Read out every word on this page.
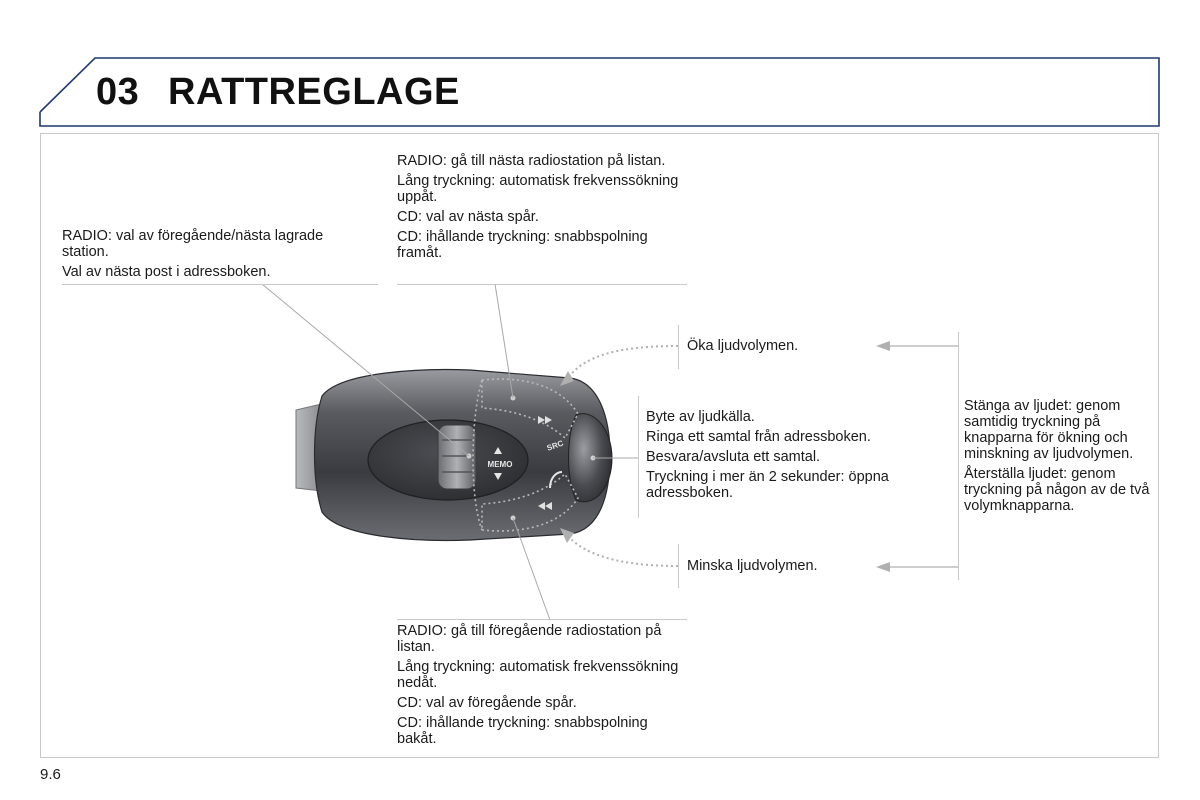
03 RATTREGLAGE
MEMO
SRC

RADIO: val av föregående/nästa lagrade station.

Val av nästa post i adressboken.

RADIO: gå till nästa radiostation på listan.

Lång tryckning: automatisk frekvenssökning uppåt.

CD: val av nästa spår.

CD: ihållande tryckning: snabbspolning framåt.

Öka ljudvolymen.

Byte av ljudkälla.

Ringa ett samtal från adressboken.

Besvara/avsluta ett samtal.

Tryckning i mer än 2 sekunder: öppna adressboken.

Minska ljudvolymen.

Stänga av ljudet: genom samtidig tryckning på knapparna för ökning och minskning av ljudvolymen.

Återställa ljudet: genom tryckning på någon av de två volymknapparna.

RADIO: gå till föregående radiostation på listan.

Lång tryckning: automatisk frekvenssökning nedåt.

CD: val av föregående spår.

CD: ihållande tryckning: snabbspolning bakåt.

9.6
